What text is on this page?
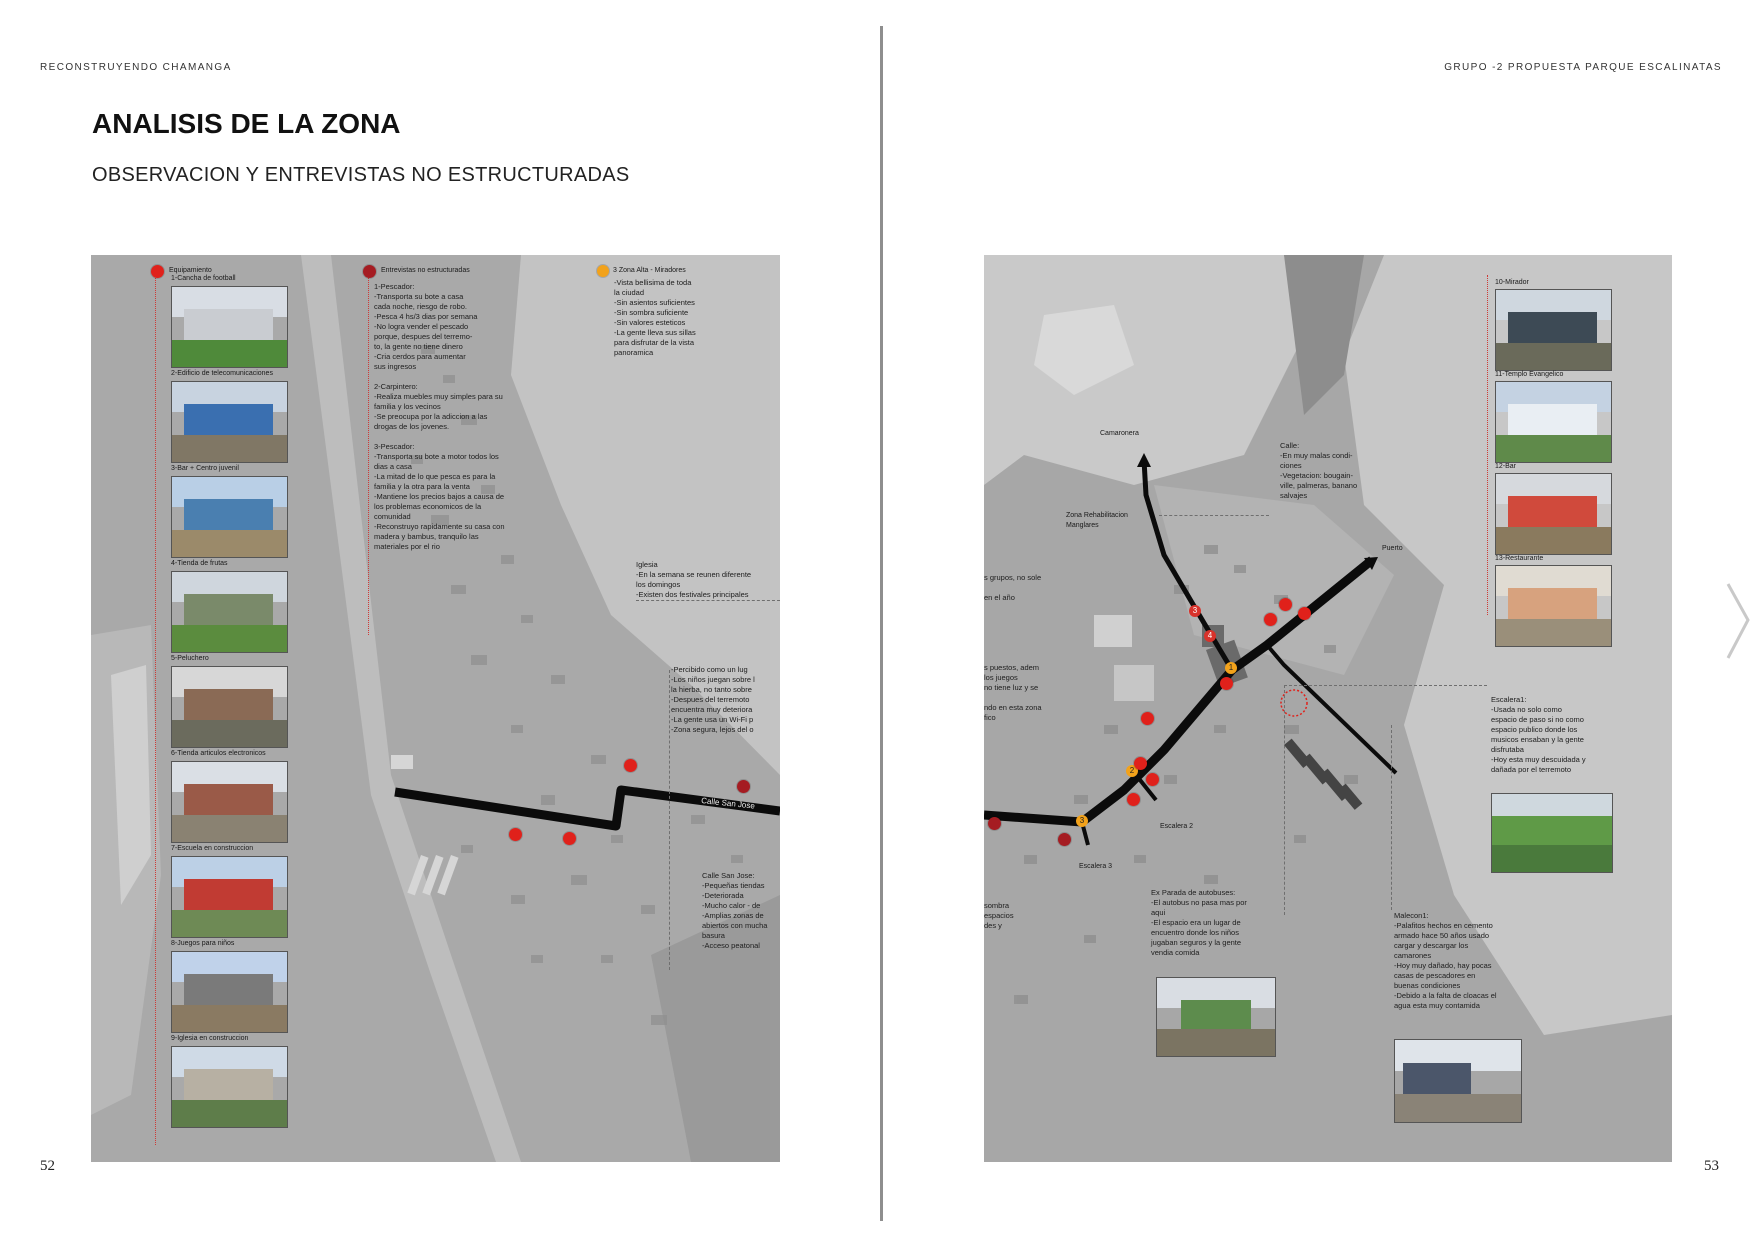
RECONSTRUYENDO CHAMANGA
ANALISIS DE LA ZONA
OBSERVACION Y ENTREVISTAS NO ESTRUCTURADAS
Calle San Jose
Equipamiento	Entrevistas no estructuradas
1-Pescador:
-Transporta su bote a casa
cada noche, riesgo de robo.
-Pesca 4 hs/3 dias por semana
-No logra vender el pescado
porque, despues del terremo-
to, la gente no tiene dinero
-Cria cerdos para aumentar
sus ingresos

2-Carpintero:
-Realiza muebles muy simples para su
familia y los vecinos
-Se preocupa por la adiccion a las
drogas de los jovenes.

3-Pescador:
-Transporta su bote a motor todos los
dias a casa
-La mitad de lo que pesca es para la
familia y la otra para la venta
-Mantiene los precios bajos a causa de
los problemas economicos de la
comunidad
-Reconstruyo rapidamente su casa con
madera y bambus, tranquilo las
materiales por el rio
3 Zona Alta - Miradores
-Vista bellisima de toda
la ciudad
-Sin asientos suficientes
-Sin sombra suficiente
-Sin valores esteticos
-La gente lleva sus sillas
para disfrutar de la vista
panoramica
Iglesia
-En la semana se reunen diferente
los domingos
-Existen dos festivales principales
-Percibido como un lug
-Los niños juegan sobre l
la hierba, no tanto sobre
-Despues del terremoto
encuentra muy deteriora
-La gente usa un Wi-Fi p
-Zona segura, lejos del o
Calle San Jose:
-Pequeñas tiendas
-Deteriorada
-Mucho calor - de
-Amplias zonas de
abiertos con mucha
basura
-Acceso peatonal
1-Cancha de football
2-Edificio de telecomunicaciones
3-Bar + Centro juvenil
4-Tienda de frutas
5-Peluchero
6-Tienda articulos electronicos
7-Escuela en construccion
8-Juegos para niños
9-Iglesia en construccion
52
GRUPO -2 PROPUESTA PARQUE ESCALINATAS
Camaronera
Zona Rehabilitacion Manglares
Puerto
Escalera 2
Escalera 3
Calle:
-En muy malas condi-
ciones
-Vegetacion: bougain-
ville, palmeras, banano
salvajes
s grupos, no sole

en el año

s puestos, adem
los juegos
no tiene luz y se

ndo en esta zona
fico
sombra
espacios
des y
Ex Parada de autobuses:
-El autobus no pasa mas por
aqui
-El espacio era un lugar de
encuentro donde los niños
jugaban seguros y la gente
vendia comida
Malecon1:
-Palafitos hechos en cemento
armado hace 50 años usado
cargar y descargar los
camarones
-Hoy muy dañado, hay pocas
casas de pescadores en
buenas condiciones
-Debido a la falta de cloacas el
agua esta muy contamida
Escalera1:
-Usada no solo como
espacio de paso si no como
espacio publico donde los
musicos ensaban y la gente
disfrutaba
-Hoy esta muy descuidada y
dañada por el terremoto
3
4
1
2
3
10-Mirador
11-Templo Evangelico
12-Bar
13-Restaurante
53
